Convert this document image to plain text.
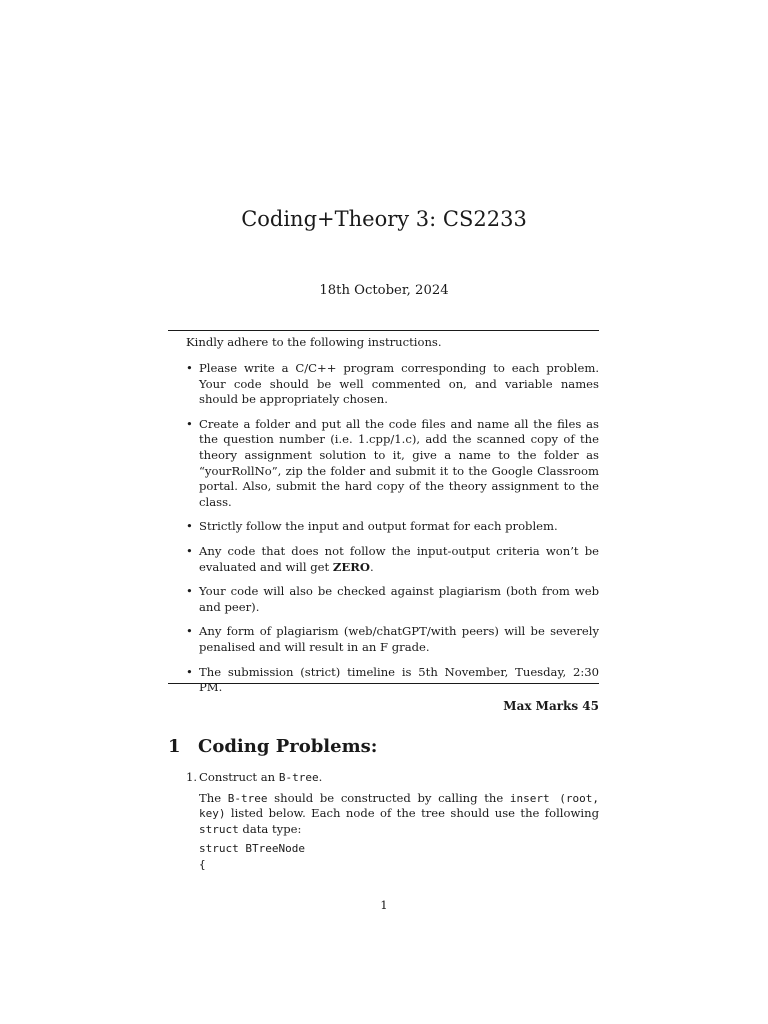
Coding+Theory 3: CS2233
18th October, 2024
Kindly adhere to the following instructions.
• Please write a C/C++ program corresponding to each problem. Your code should be well commented on, and variable names should be appropriately chosen.
• Create a folder and put all the code files and name all the files as the question number (i.e. 1.cpp/1.c), add the scanned copy of the theory assignment solution to it, give a name to the folder as “yourRollNo”, zip the folder and submit it to the Google Classroom portal. Also, submit the hard copy of the theory assignment to the class.
• Strictly follow the input and output format for each problem.
• Any code that does not follow the input-output criteria won’t be evaluated and will get ZERO.
• Your code will also be checked against plagiarism (both from web and peer).
• Any form of plagiarism (web/chatGPT/with peers) will be severely penalised and will result in an F grade.
• The submission (strict) timeline is 5th November, Tuesday, 2:30 PM.
Max Marks 45
1 Coding Problems:
1. Construct an B-tree.

The B-tree should be constructed by calling the insert (root, key) listed below. Each node of the tree should use the following struct data type:

struct BTreeNode
{
1
